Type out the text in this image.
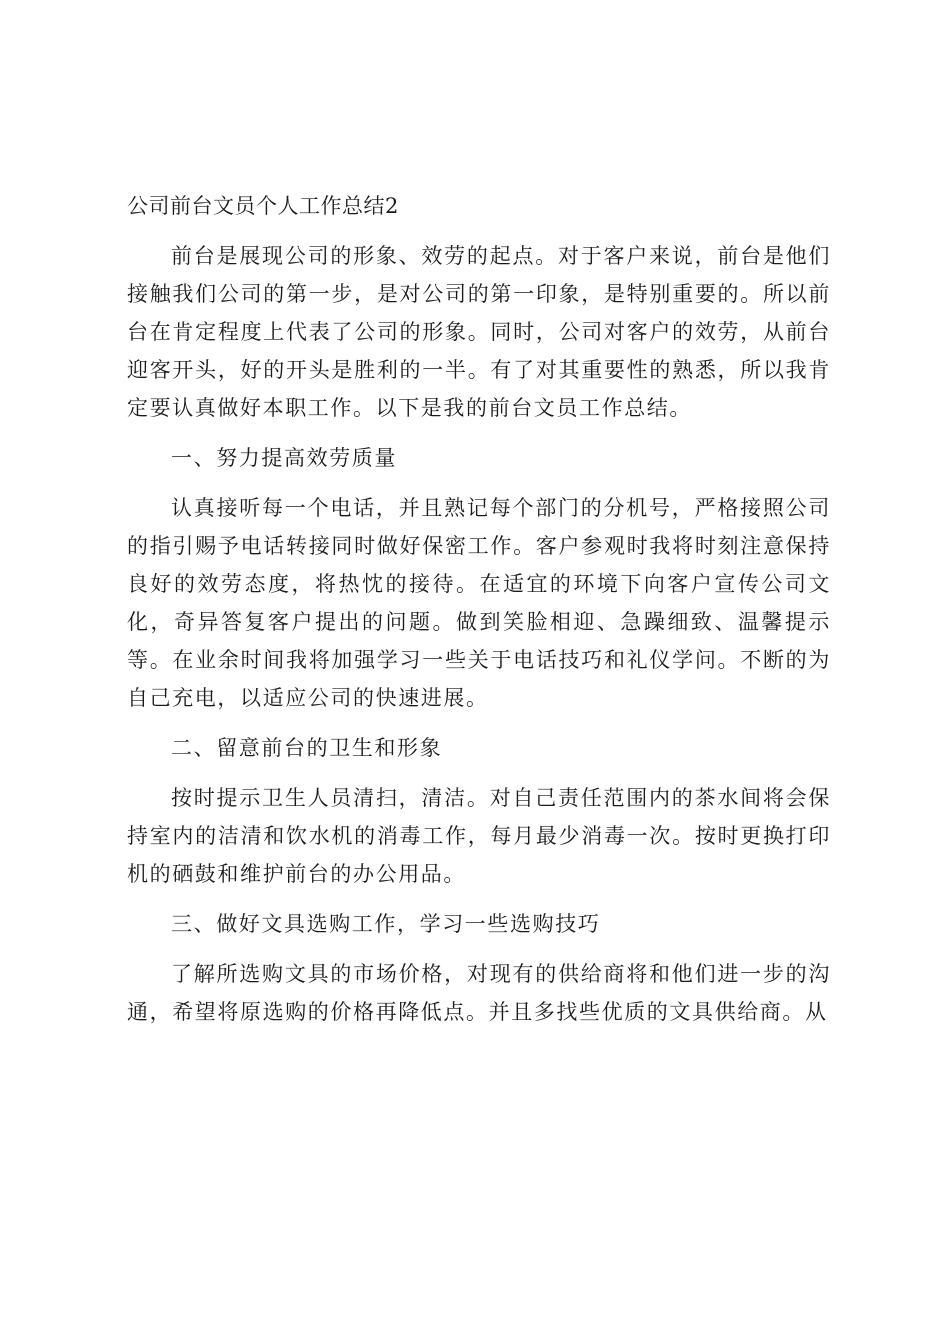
公司前台文员个人工作总结2
前台是展现公司的形象、效劳的起点。对于客户来说，前台是他们接触我们公司的第一步，是对公司的第一印象，是特别重要的。所以前台在肯定程度上代表了公司的形象。同时，公司对客户的效劳，从前台迎客开头，好的开头是胜利的一半。有了对其重要性的熟悉，所以我肯定要认真做好本职工作。以下是我的前台文员工作总结。
一、努力提高效劳质量
认真接听每一个电话，并且熟记每个部门的分机号，严格接照公司的指引赐予电话转接同时做好保密工作。客户参观时我将时刻注意保持良好的效劳态度，将热忱的接待。在适宜的环境下向客户宣传公司文化，奇异答复客户提出的问题。做到笑脸相迎、急躁细致、温馨提示等。在业余时间我将加强学习一些关于电话技巧和礼仪学问。不断的为自己充电，以适应公司的快速进展。
二、留意前台的卫生和形象
按时提示卫生人员清扫，清洁。对自己责任范围内的茶水间将会保持室内的洁清和饮水机的消毒工作，每月最少消毒一次。按时更换打印机的硒鼓和维护前台的办公用品。
三、做好文具选购工作，学习一些选购技巧
了解所选购文具的市场价格，对现有的供给商将和他们进一步的沟通，希望将原选购的价格再降低点。并且多找些优质的文具供给商。从
